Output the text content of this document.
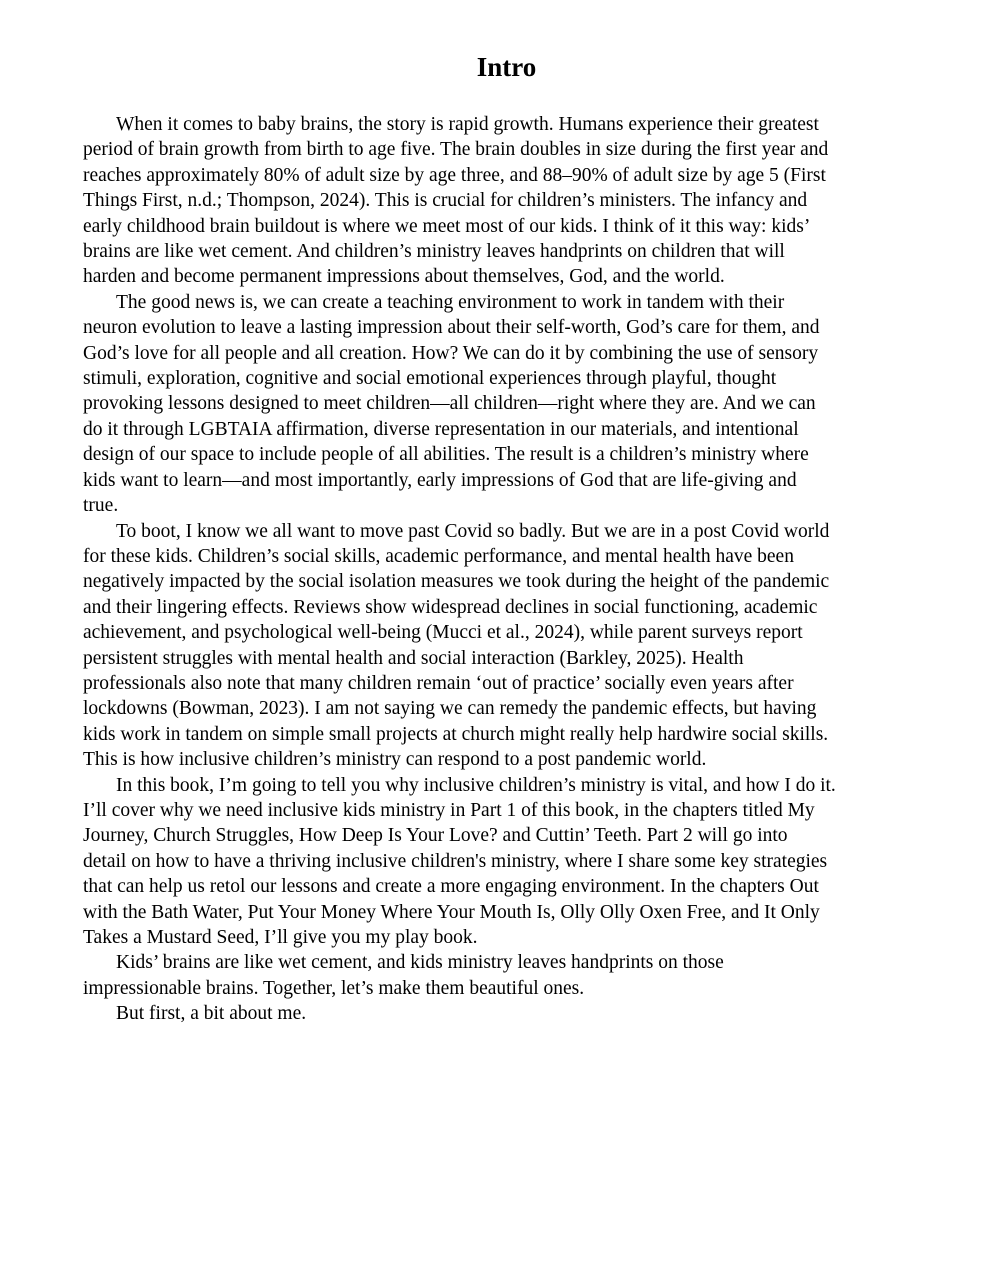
Intro
When it comes to baby brains, the story is rapid growth. Humans experience their greatest
period of brain growth from birth to age five. The brain doubles in size during the first year and
reaches approximately 80% of adult size by age three, and 88–90% of adult size by age 5 (First
Things First, n.d.; Thompson, 2024). This is crucial for children’s ministers. The infancy and
early childhood brain buildout is where we meet most of our kids. I think of it this way: kids’
brains are like wet cement. And children’s ministry leaves handprints on children that will
harden and become permanent impressions about themselves, God, and the world.
The good news is, we can create a teaching environment to work in tandem with their
neuron evolution to leave a lasting impression about their self-worth, God’s care for them, and
God’s love for all people and all creation. How? We can do it by combining the use of sensory
stimuli, exploration, cognitive and social emotional experiences through playful, thought
provoking lessons designed to meet children—all children—right where they are. And we can
do it through LGBTAIA affirmation, diverse representation in our materials, and intentional
design of our space to include people of all abilities. The result is a children’s ministry where
kids want to learn—and most importantly, early impressions of God that are life-giving and
true.
To boot, I know we all want to move past Covid so badly. But we are in a post Covid world
for these kids. Children’s social skills, academic performance, and mental health have been
negatively impacted by the social isolation measures we took during the height of the pandemic
and their lingering effects. Reviews show widespread declines in social functioning, academic
achievement, and psychological well-being (Mucci et al., 2024), while parent surveys report
persistent struggles with mental health and social interaction (Barkley, 2025). Health
professionals also note that many children remain ‘out of practice’ socially even years after
lockdowns (Bowman, 2023). I am not saying we can remedy the pandemic effects, but having
kids work in tandem on simple small projects at church might really help hardwire social skills.
This is how inclusive children’s ministry can respond to a post pandemic world.
In this book, I’m going to tell you why inclusive children’s ministry is vital, and how I do it.
I’ll cover why we need inclusive kids ministry in Part 1 of this book, in the chapters titled My
Journey, Church Struggles, How Deep Is Your Love? and Cuttin’ Teeth. Part 2 will go into
detail on how to have a thriving inclusive children's ministry, where I share some key strategies
that can help us retol our lessons and create a more engaging environment. In the chapters Out
with the Bath Water, Put Your Money Where Your Mouth Is, Olly Olly Oxen Free, and It Only
Takes a Mustard Seed, I’ll give you my play book.
Kids’ brains are like wet cement, and kids ministry leaves handprints on those
impressionable brains. Together, let’s make them beautiful ones.
But first, a bit about me.
